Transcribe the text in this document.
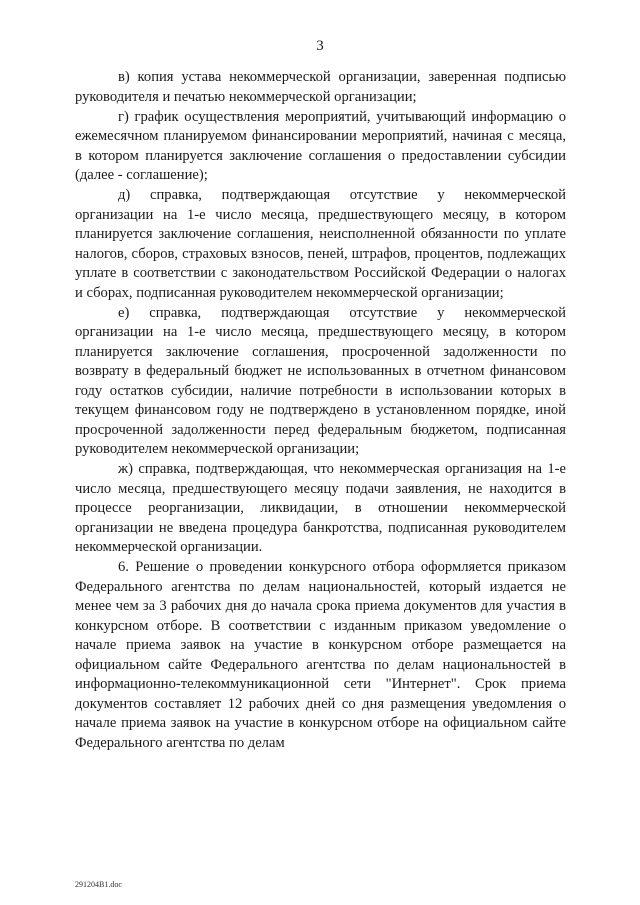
3

в) копия устава некоммерческой организации, заверенная подписью руководителя и печатью некоммерческой организации;

г) график осуществления мероприятий, учитывающий информацию о ежемесячном планируемом финансировании мероприятий, начиная с месяца, в котором планируется заключение соглашения о предоставлении субсидии (далее - соглашение);

д) справка, подтверждающая отсутствие у некоммерческой организации на 1-е число месяца, предшествующего месяцу, в котором планируется заключение соглашения, неисполненной обязанности по уплате налогов, сборов, страховых взносов, пеней, штрафов, процентов, подлежащих уплате в соответствии с законодательством Российской Федерации о налогах и сборах, подписанная руководителем некоммерческой организации;

е) справка, подтверждающая отсутствие у некоммерческой организации на 1-е число месяца, предшествующего месяцу, в котором планируется заключение соглашения, просроченной задолженности по возврату в федеральный бюджет не использованных в отчетном финансовом году остатков субсидии, наличие потребности в использовании которых в текущем финансовом году не подтверждено в установленном порядке, иной просроченной задолженности перед федеральным бюджетом, подписанная руководителем некоммерческой организации;

ж) справка, подтверждающая, что некоммерческая организация на 1-е число месяца, предшествующего месяцу подачи заявления, не находится в процессе реорганизации, ликвидации, в отношении некоммерческой организации не введена процедура банкротства, подписанная руководителем некоммерческой организации.

6. Решение о проведении конкурсного отбора оформляется приказом Федерального агентства по делам национальностей, который издается не менее чем за 3 рабочих дня до начала срока приема документов для участия в конкурсном отборе. В соответствии с изданным приказом уведомление о начале приема заявок на участие в конкурсном отборе размещается на официальном сайте Федерального агентства по делам национальностей в информационно-телекоммуникационной сети "Интернет". Срок приема документов составляет 12 рабочих дней со дня размещения уведомления о начале приема заявок на участие в конкурсном отборе на официальном сайте Федерального агентства по делам

291204В1.doc
